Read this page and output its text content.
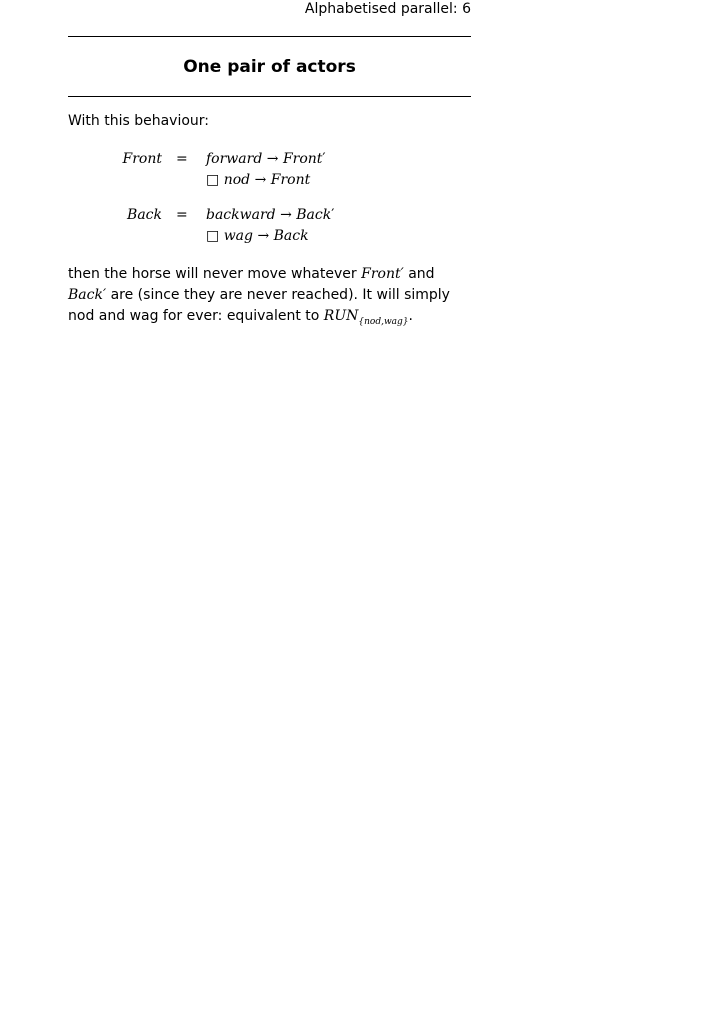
Alphabetised parallel: 6
One pair of actors
With this behaviour:
Front = forward → Front′
□ nod → Front
Back = backward → Back′
□ wag → Back

then the horse will never move whatever Front′ and Back′ are (since they are never reached). It will simply nod and wag for ever: equivalent to $RUN_{\{nod,wag\}}$.
